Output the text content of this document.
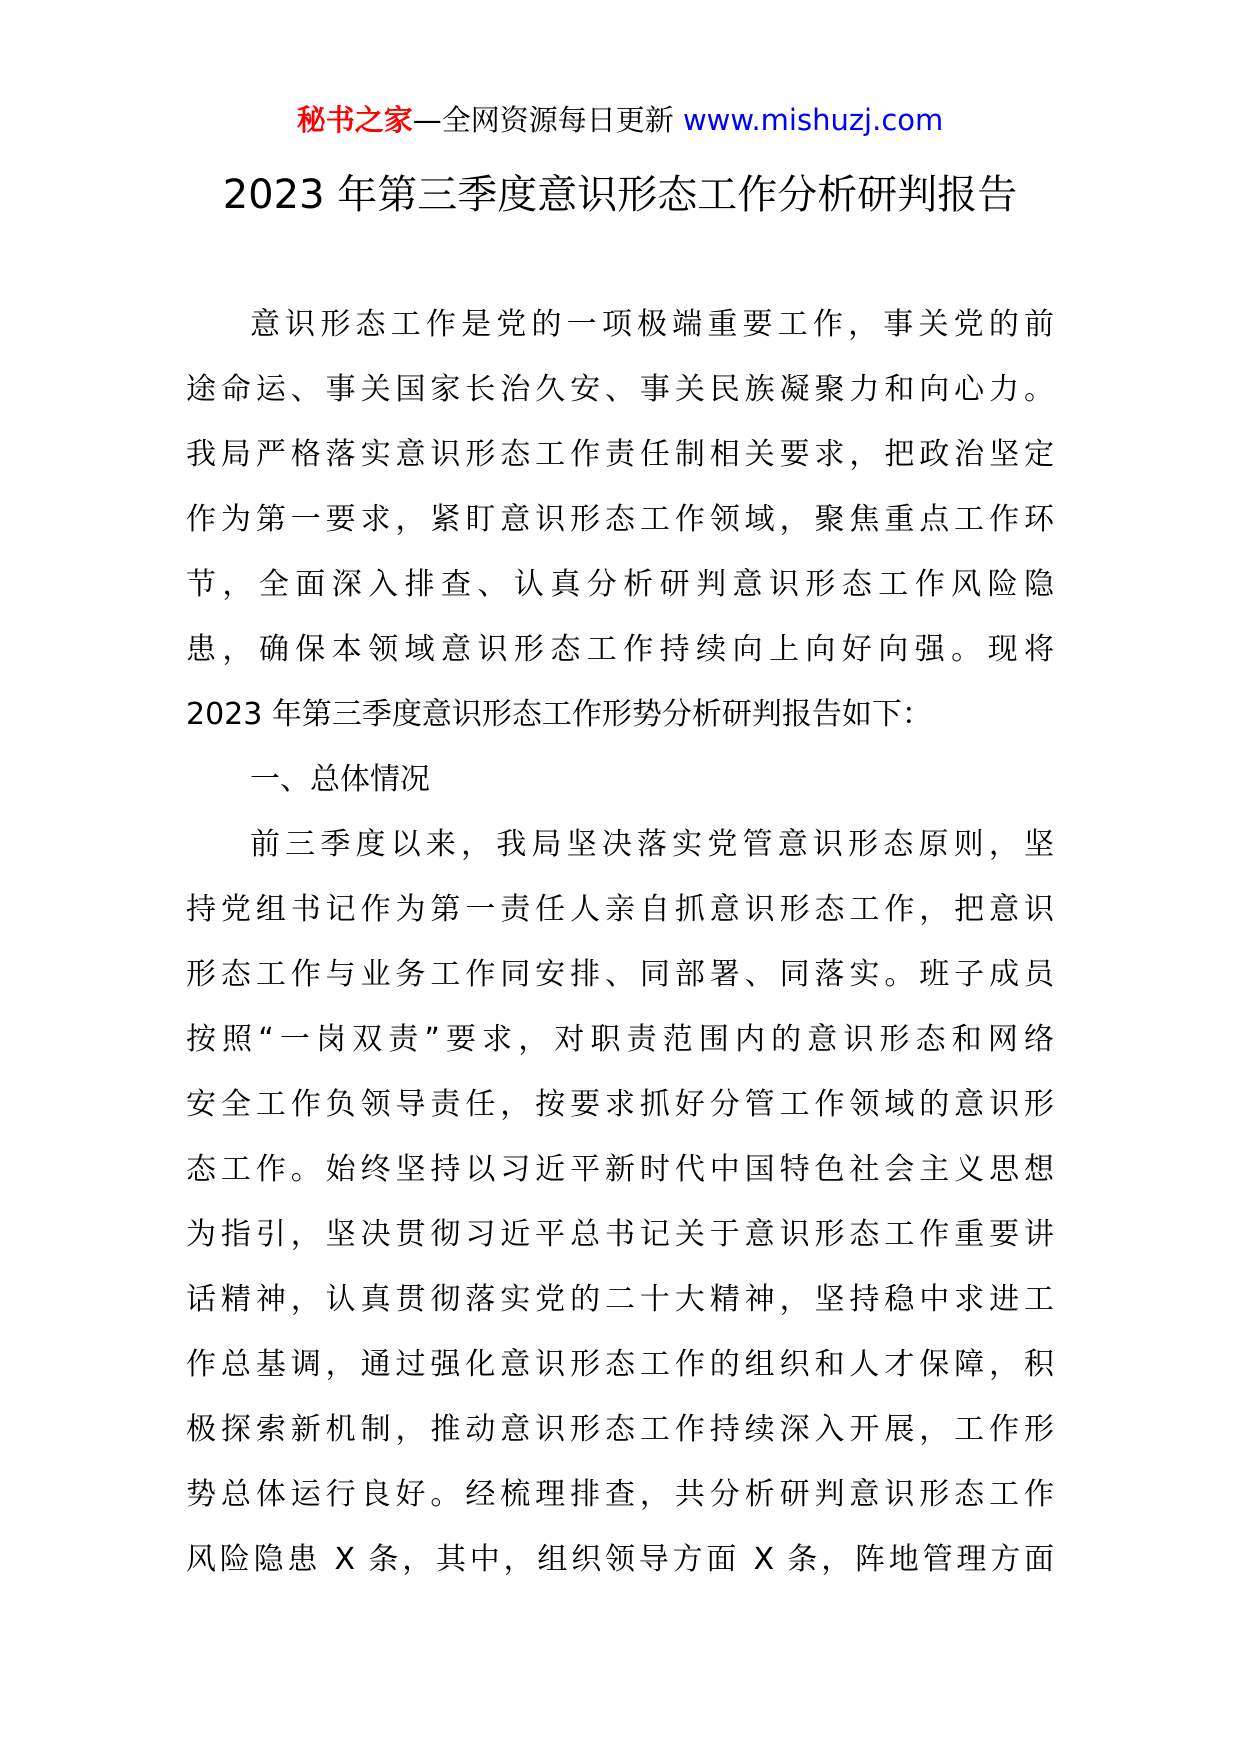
秘书之家—全网资源每日更新 www.mishuzj.com
2023 年第三季度意识形态工作分析研判报告
意识形态工作是党的一项极端重要工作，事关党的前
途命运、事关国家长治久安、事关民族凝聚力和向心力。
我局严格落实意识形态工作责任制相关要求，把政治坚定
作为第一要求，紧盯意识形态工作领域，聚焦重点工作环
节，全面深入排查、认真分析研判意识形态工作风险隐
患，确保本领域意识形态工作持续向上向好向强。现将
2023 年第三季度意识形态工作形势分析研判报告如下：
一、总体情况
前三季度以来，我局坚决落实党管意识形态原则，坚
持党组书记作为第一责任人亲自抓意识形态工作，把意识
形态工作与业务工作同安排、同部署、同落实。班子成员
按照“一岗双责”要求，对职责范围内的意识形态和网络
安全工作负领导责任，按要求抓好分管工作领域的意识形
态工作。始终坚持以习近平新时代中国特色社会主义思想
为指引，坚决贯彻习近平总书记关于意识形态工作重要讲
话精神，认真贯彻落实党的二十大精神，坚持稳中求进工
作总基调，通过强化意识形态工作的组织和人才保障，积
极探索新机制，推动意识形态工作持续深入开展，工作形
势总体运行良好。经梳理排查，共分析研判意识形态工作
风险隐患 X 条，其中，组织领导方面 X 条，阵地管理方面
